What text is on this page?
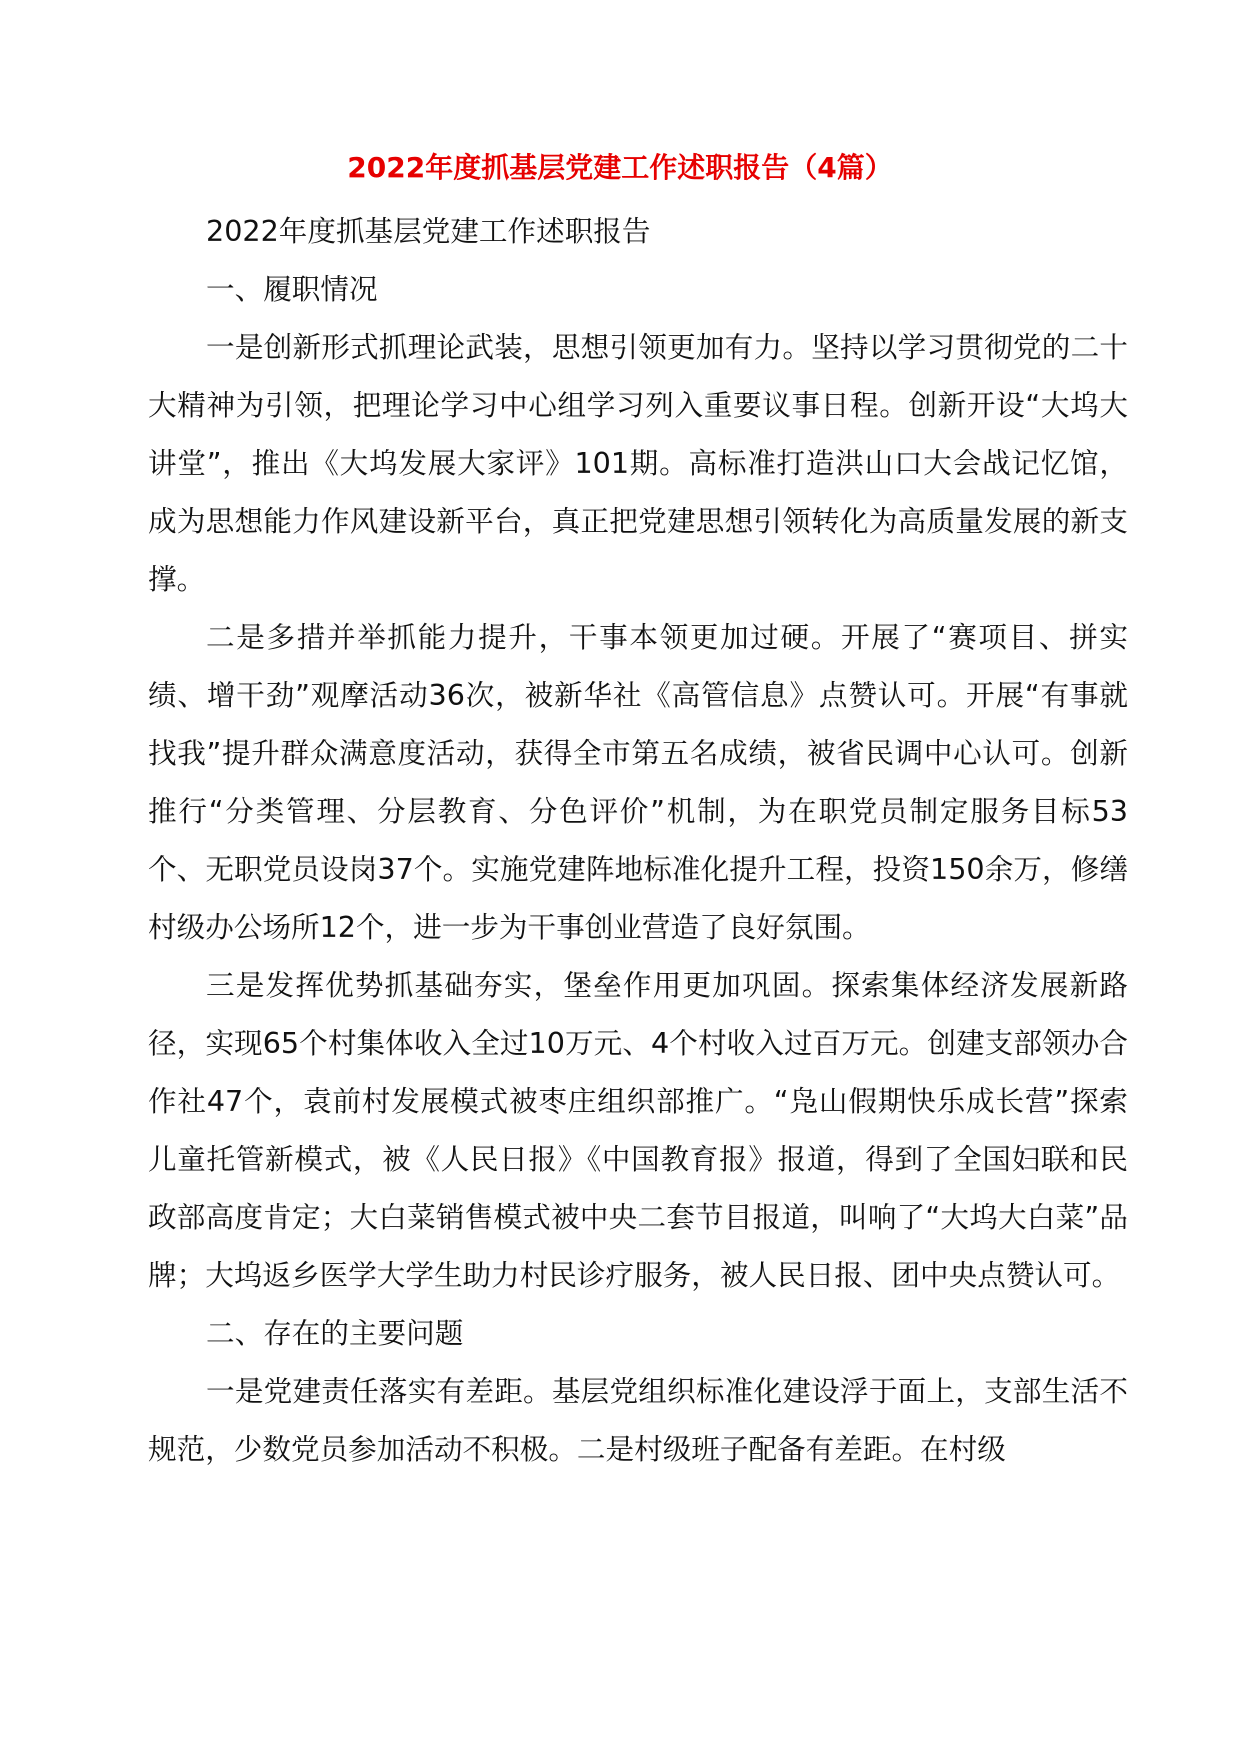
2022年度抓基层党建工作述职报告（4篇）

2022年度抓基层党建工作述职报告

一、履职情况

一是创新形式抓理论武装，思想引领更加有力。坚持以学习贯彻党的二十大精神为引领，把理论学习中心组学习列入重要议事日程。创新开设“大坞大讲堂”，推出《大坞发展大家评》101期。高标准打造洪山口大会战记忆馆，成为思想能力作风建设新平台，真正把党建思想引领转化为高质量发展的新支撑。

二是多措并举抓能力提升，干事本领更加过硬。开展了“赛项目、拼实绩、增干劲”观摩活动36次，被新华社《高管信息》点赞认可。开展“有事就找我”提升群众满意度活动，获得全市第五名成绩，被省民调中心认可。创新推行“分类管理、分层教育、分色评价”机制，为在职党员制定服务目标53个、无职党员设岗37个。实施党建阵地标准化提升工程，投资150余万，修缮村级办公场所12个，进一步为干事创业营造了良好氛围。

三是发挥优势抓基础夯实，堡垒作用更加巩固。探索集体经济发展新路径，实现65个村集体收入全过10万元、4个村收入过百万元。创建支部领办合作社47个，袁前村发展模式被枣庄组织部推广。“凫山假期快乐成长营”探索儿童托管新模式，被《人民日报》《中国教育报》报道，得到了全国妇联和民政部高度肯定；大白菜销售模式被中央二套节目报道，叫响了“大坞大白菜”品牌；大坞返乡医学大学生助力村民诊疗服务，被人民日报、团中央点赞认可。

二、存在的主要问题

一是党建责任落实有差距。基层党组织标准化建设浮于面上，支部生活不规范，少数党员参加活动不积极。二是村级班子配备有差距。在村级
